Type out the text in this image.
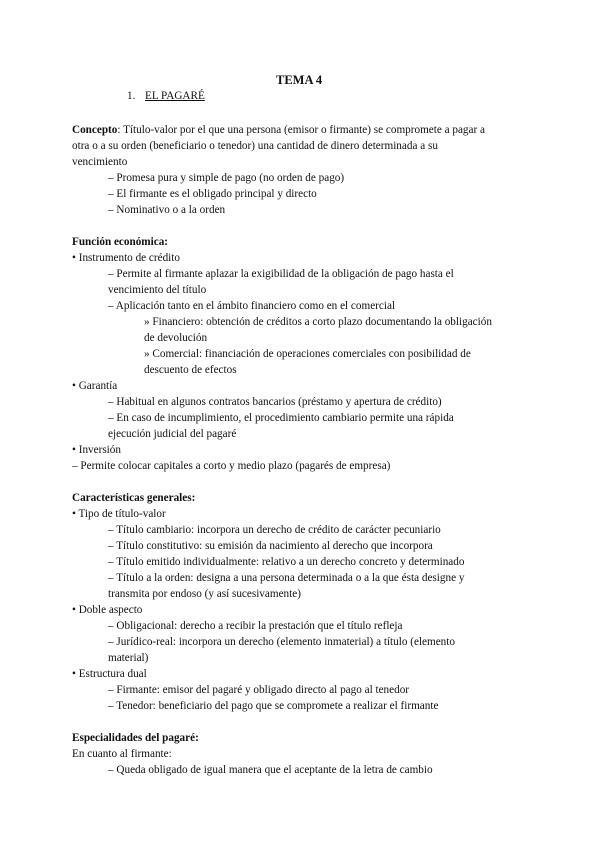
TEMA 4
1. EL PAGARÉ
Concepto: Título-valor por el que una persona (emisor o firmante) se compromete a pagar a
otra o a su orden (beneficiario o tenedor) una cantidad de dinero determinada a su
vencimiento
– Promesa pura y simple de pago (no orden de pago)
– El firmante es el obligado principal y directo
– Nominativo o a la orden
Función económica:
• Instrumento de crédito
– Permite al firmante aplazar la exigibilidad de la obligación de pago hasta el
vencimiento del título
– Aplicación tanto en el ámbito financiero como en el comercial
» Financiero: obtención de créditos a corto plazo documentando la obligación
de devolución
» Comercial: financiación de operaciones comerciales con posibilidad de
descuento de efectos
• Garantía
– Habitual en algunos contratos bancarios (préstamo y apertura de crédito)
– En caso de incumplimiento, el procedimiento cambiario permite una rápida
ejecución judicial del pagaré
• Inversión
– Permite colocar capitales a corto y medio plazo (pagarés de empresa)
Características generales:
• Tipo de título-valor
– Título cambiario: incorpora un derecho de crédito de carácter pecuniario
– Título constitutivo: su emisión da nacimiento al derecho que incorpora
– Título emitido individualmente: relativo a un derecho concreto y determinado
– Título a la orden: designa a una persona determinada o a la que ésta designe y
transmita por endoso (y así sucesivamente)
• Doble aspecto
– Obligacional: derecho a recibir la prestación que el título refleja
– Jurídico-real: incorpora un derecho (elemento inmaterial) a título (elemento
material)
• Estructura dual
– Firmante: emisor del pagaré y obligado directo al pago al tenedor
– Tenedor: beneficiario del pago que se compromete a realizar el firmante
Especialidades del pagaré:
En cuanto al firmante:
– Queda obligado de igual manera que el aceptante de la letra de cambio
